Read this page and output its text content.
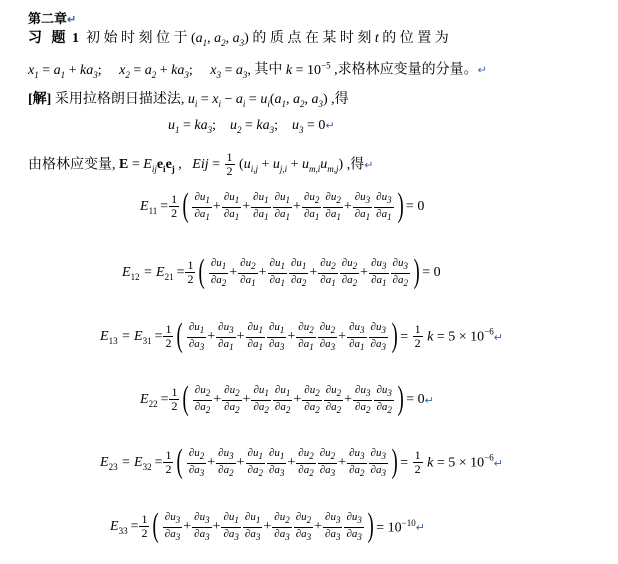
第二章↵
习 题 1 初 始 时 刻 位 于 ($a_1$, $a_2$, $a_3$) 的 质 点 在 某 时 刻 t 的 位 置 为
$x_1 = a_1 + ka_3$; $x_2 = a_2 + ka_3$; $x_3 = a_3$, 其中 $k = 10^{-5}$ ,求格林应变量的分量。↵
[解] 采用拉格朗日描述法, $u_i = x_i - a_i = u_i(a_1$, $a_2$, $a_3$) ,得
$u_1 = ka_3$; $u_2 = ka_3$; $u_3$ = 0↵
由格林应变量, $E = E_{ij}e_ie_j$ , Eij = $\frac{1}{2} (u_{i,j} + u_{j,i} + u_{m,i}u_{m,j})$ ,得↵
$E_{11} = \frac{1}{2}$ ( $\frac{\partial u_1}{\partial a_1} + \frac{\partial u_1}{\partial a_1} + \frac{\partial u_1}{\partial a_1} \frac{\partial u_1}{\partial a_1} + \frac{\partial u_2}{\partial a_1} \frac{\partial u_2}{\partial a_1} + \frac{\partial u_3}{\partial a_1} \frac{\partial u_3}{\partial a_1}$ ) = 0
$E_{12} = E_{21} = \frac{1}{2}$ ( $\frac{\partial u_1}{\partial a_2} + \frac{\partial u_2}{\partial a_1} + \frac{\partial u_1}{\partial a_1} \frac{\partial u_1}{\partial a_2} + \frac{\partial u_2}{\partial a_1} \frac{\partial u_2}{\partial a_2} + \frac{\partial u_3}{\partial a_1} \frac{\partial u_3}{\partial a_2}$ ) = 0
$E_{13} = E_{31} = \frac{1}{2}$ ( $\frac{\partial u_1}{\partial a_3} + \frac{\partial u_3}{\partial a_1} + \frac{\partial u_1}{\partial a_1} \frac{\partial u_1}{\partial a_3} + \frac{\partial u_2}{\partial a_1} \frac{\partial u_2}{\partial a_3} + \frac{\partial u_3}{\partial a_1} \frac{\partial u_3}{\partial a_3}$ ) = $\frac{1}{2}$ $k = 5 \times 10^{-6}$ ↵
$E_{22} = \frac{1}{2}$ ( $\frac{\partial u_2}{\partial a_2} + \frac{\partial u_2}{\partial a_2} + \frac{\partial u_1}{\partial a_2} \frac{\partial u_1}{\partial a_2} + \frac{\partial u_2}{\partial a_2} \frac{\partial u_2}{\partial a_2} + \frac{\partial u_3}{\partial a_2} \frac{\partial u_3}{\partial a_2}$ ) = 0 ↵
$E_{23} = E_{32} = \frac{1}{2}$ ( $\frac{\partial u_2}{\partial a_3} + \frac{\partial u_3}{\partial a_2} + \frac{\partial u_1}{\partial a_2} \frac{\partial u_1}{\partial a_3} + \frac{\partial u_2}{\partial a_2} \frac{\partial u_2}{\partial a_3} + \frac{\partial u_3}{\partial a_2} \frac{\partial u_3}{\partial a_3}$ ) = $\frac{1}{2}$ $k = 5 \times 10^{-6}$ ↵
$E_{33} = \frac{1}{2}$ ( $\frac{\partial u_3}{\partial a_3} + \frac{\partial u_3}{\partial a_3} + \frac{\partial u_1}{\partial a_3} \frac{\partial u_1}{\partial a_3} + \frac{\partial u_2}{\partial a_3} \frac{\partial u_2}{\partial a_3} + \frac{\partial u_3}{\partial a_3} \frac{\partial u_3}{\partial a_3}$ ) = $10^{-10}$ ↵
